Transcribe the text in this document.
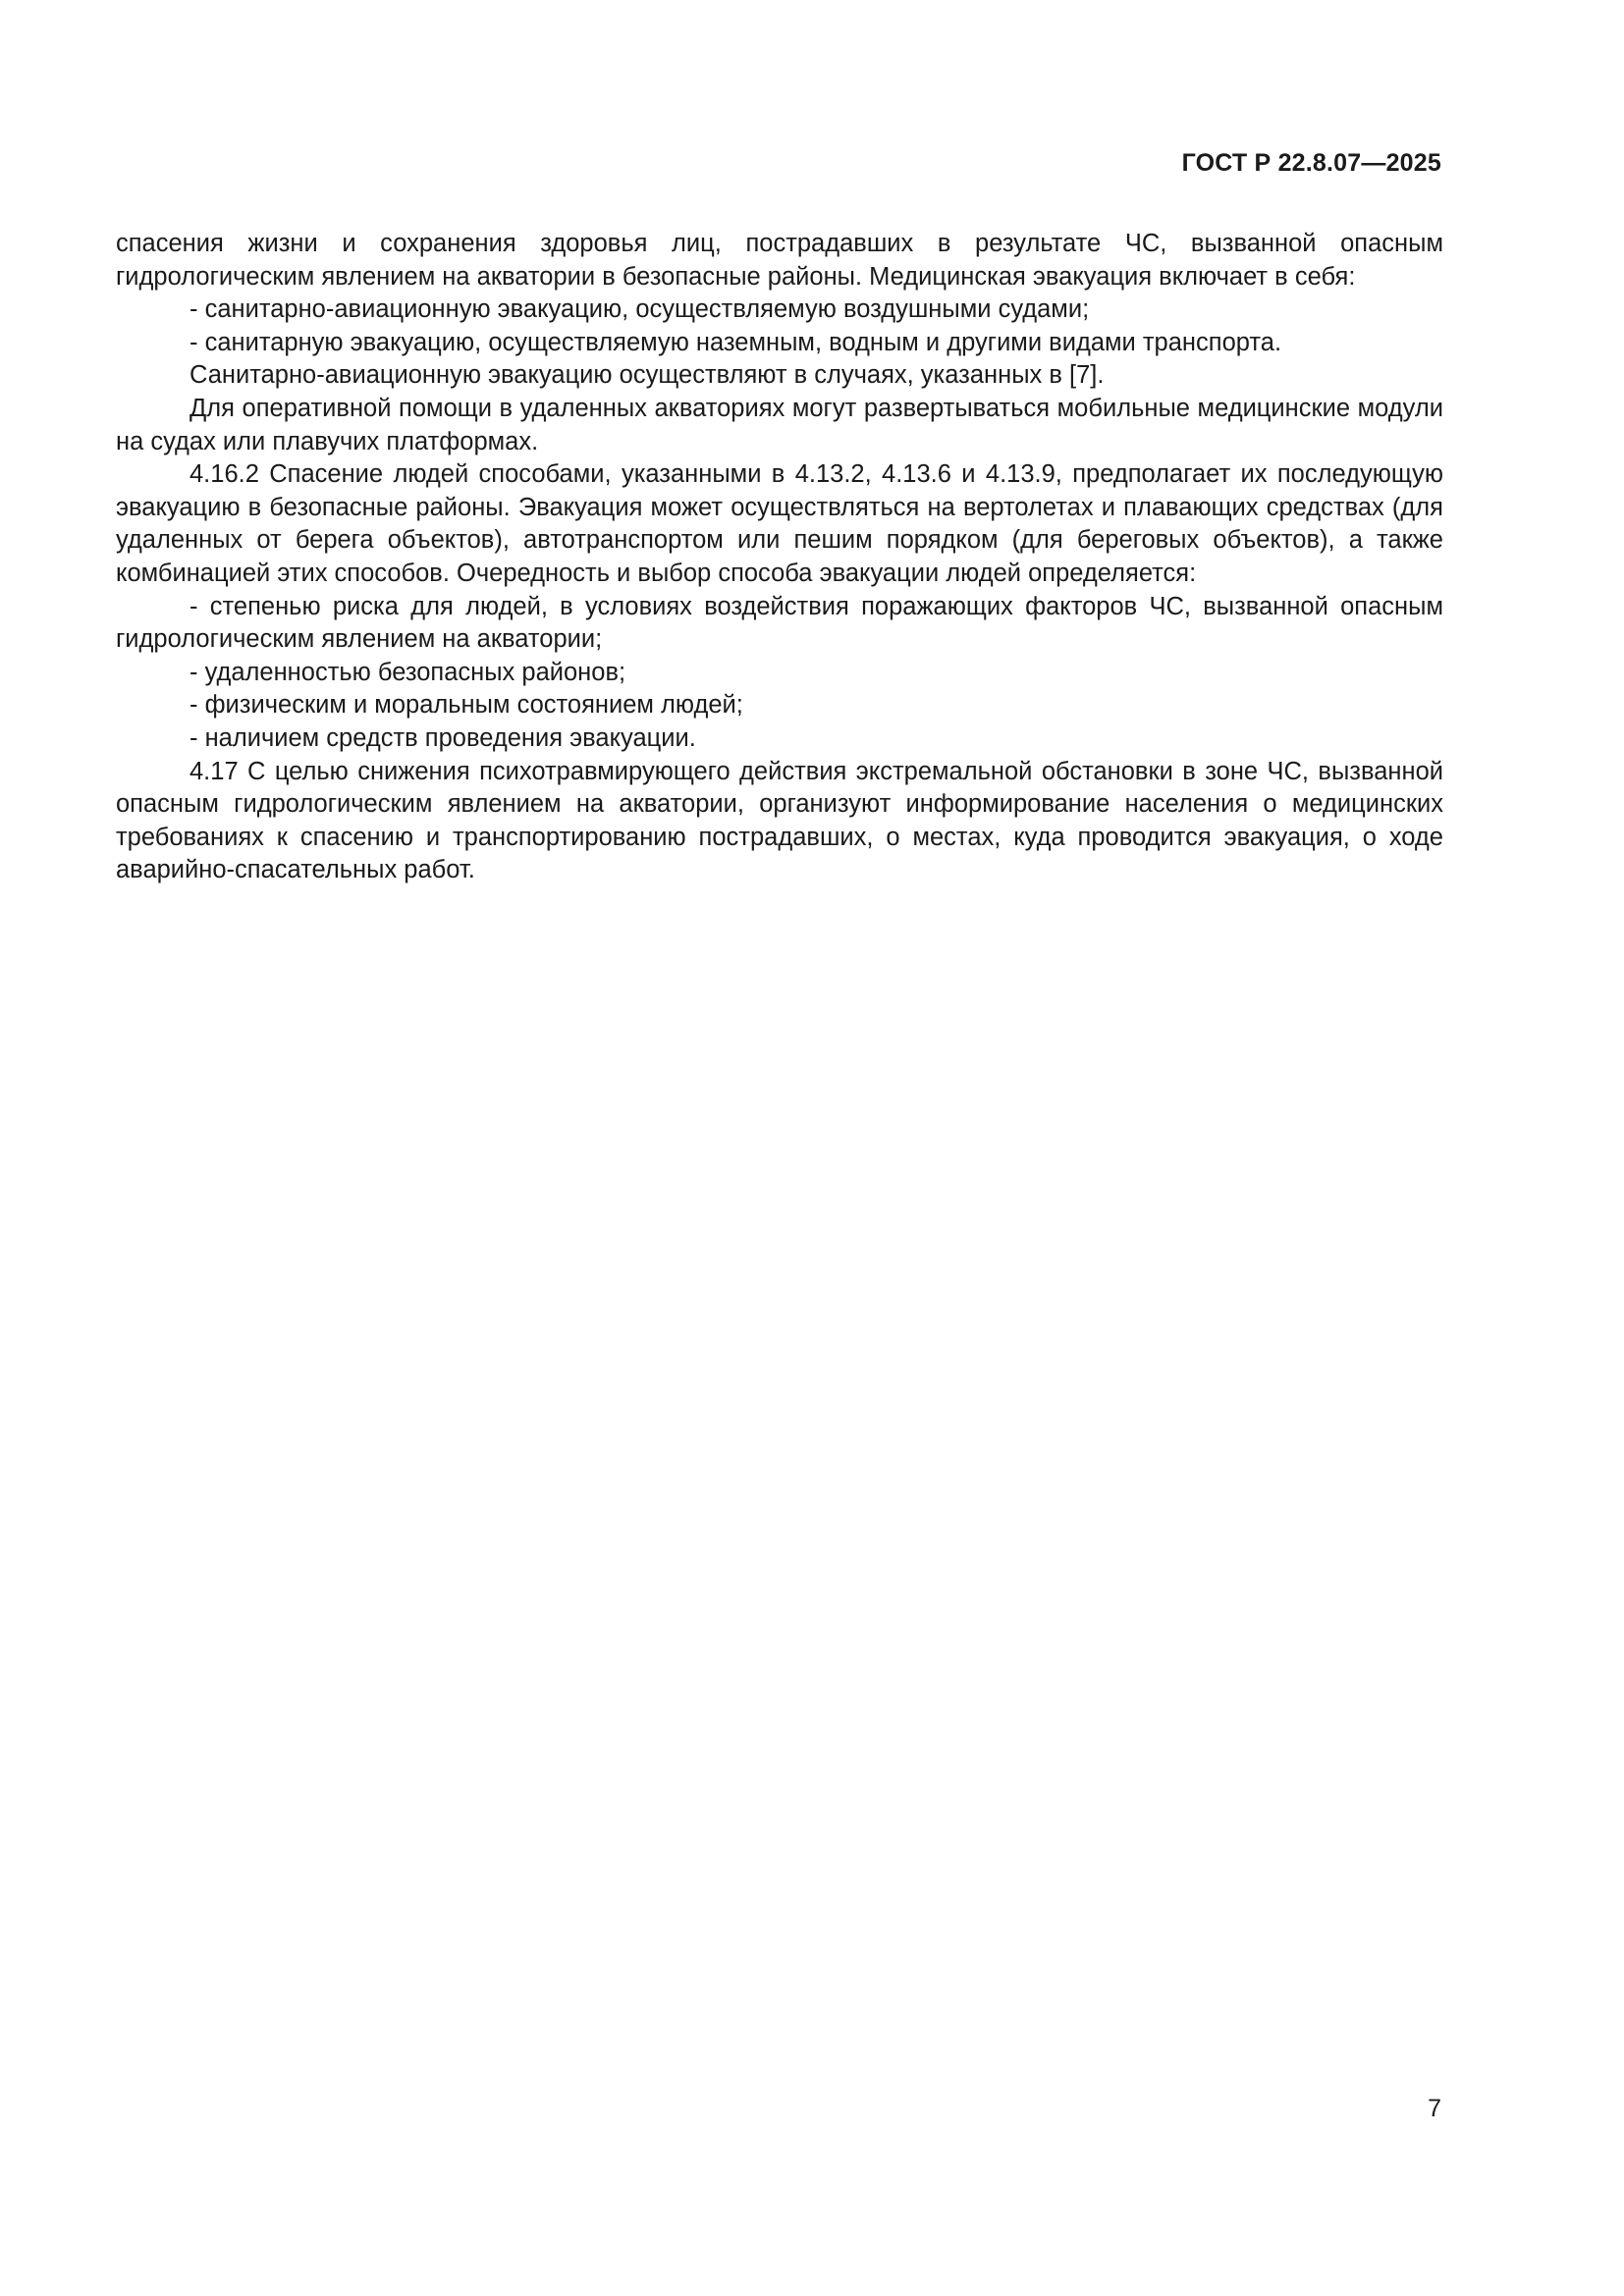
ГОСТ Р 22.8.07—2025

спасения жизни и сохранения здоровья лиц, пострадавших в результате ЧС, вызванной опасным гидрологическим явлением на акватории в безопасные районы. Медицинская эвакуация включает в себя:

- санитарно-авиационную эвакуацию, осуществляемую воздушными судами;

- санитарную эвакуацию, осуществляемую наземным, водным и другими видами транспорта.

Санитарно-авиационную эвакуацию осуществляют в случаях, указанных в [7].

Для оперативной помощи в удаленных акваториях могут развертываться мобильные медицинские модули на судах или плавучих платформах.

4.16.2 Спасение людей способами, указанными в 4.13.2, 4.13.6 и 4.13.9, предполагает их последующую эвакуацию в безопасные районы. Эвакуация может осуществляться на вертолетах и плавающих средствах (для удаленных от берега объектов), автотранспортом или пешим порядком (для береговых объектов), а также комбинацией этих способов. Очередность и выбор способа эвакуации людей определяется:

- степенью риска для людей, в условиях воздействия поражающих факторов ЧС, вызванной опасным гидрологическим явлением на акватории;

- удаленностью безопасных районов;

- физическим и моральным состоянием людей;

- наличием средств проведения эвакуации.

4.17 С целью снижения психотравмирующего действия экстремальной обстановки в зоне ЧС, вызванной опасным гидрологическим явлением на акватории, организуют информирование населения о медицинских требованиях к спасению и транспортированию пострадавших, о местах, куда проводится эвакуация, о ходе аварийно-спасательных работ.

7
